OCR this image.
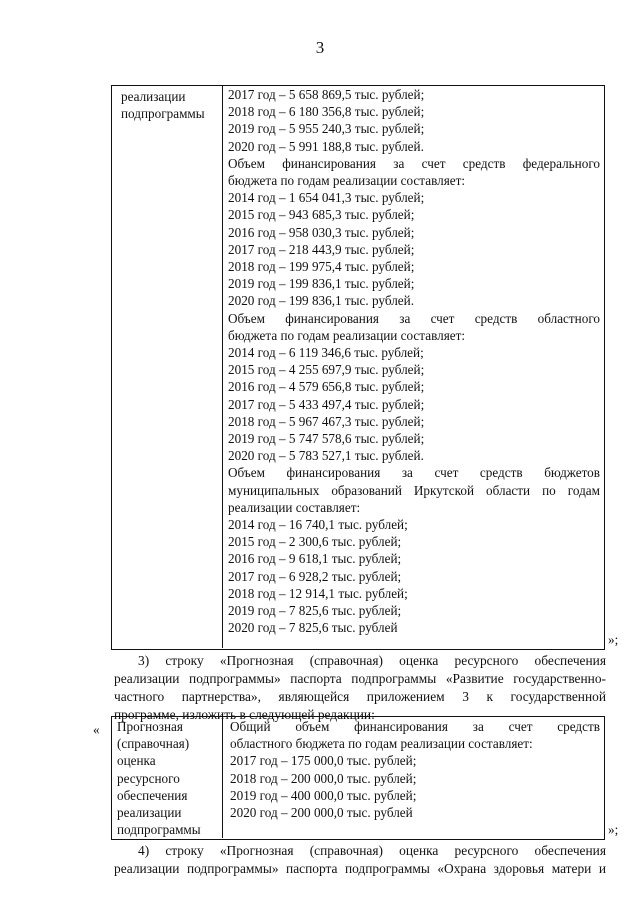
3
реализации
подпрограммы
2017 год – 5 658 869,5 тыс. рублей;
2018 год – 6 180 356,8 тыс. рублей;
2019 год – 5 955 240,3 тыс. рублей;
2020 год – 5 991 188,8 тыс. рублей.
Объем финансирования за счет средств федерального
бюджета по годам реализации составляет:
2014 год – 1 654 041,3 тыс. рублей;
2015 год – 943 685,3 тыс. рублей;
2016 год – 958 030,3 тыс. рублей;
2017 год – 218 443,9 тыс. рублей;
2018 год – 199 975,4 тыс. рублей;
2019 год – 199 836,1 тыс. рублей;
2020 год – 199 836,1 тыс. рублей.
Объем финансирования за счет средств областного
бюджета по годам реализации составляет:
2014 год – 6 119 346,6 тыс. рублей;
2015 год – 4 255 697,9 тыс. рублей;
2016 год – 4 579 656,8 тыс. рублей;
2017 год – 5 433 497,4 тыс. рублей;
2018 год – 5 967 467,3 тыс. рублей;
2019 год – 5 747 578,6 тыс. рублей;
2020 год – 5 783 527,1 тыс. рублей.
Объем финансирования за счет средств бюджетов
муниципальных образований Иркутской области по годам
реализации составляет:
2014 год – 16 740,1 тыс. рублей;
2015 год – 2 300,6 тыс. рублей;
2016 год – 9 618,1 тыс. рублей;
2017 год – 6 928,2 тыс. рублей;
2018 год – 12 914,1 тыс. рублей;
2019 год – 7 825,6 тыс. рублей;
2020 год – 7 825,6 тыс. рублей
»;
3) строку «Прогнозная (справочная) оценка ресурсного обеспечения
реализации подпрограммы» паспорта подпрограммы «Развитие государственно-
частного партнерства», являющейся приложением 3 к государственной
программе, изложить в следующей редакции:
« Прогнозная
(справочная)
оценка
ресурсного
обеспечения
реализации
подпрограммы
Общий объем финансирования за счет средств
областного бюджета по годам реализации составляет:
2017 год – 175 000,0 тыс. рублей;
2018 год – 200 000,0 тыс. рублей;
2019 год – 400 000,0 тыс. рублей;
2020 год – 200 000,0 тыс. рублей
»;
4) строку «Прогнозная (справочная) оценка ресурсного обеспечения
реализации подпрограммы» паспорта подпрограммы «Охрана здоровья матери и
